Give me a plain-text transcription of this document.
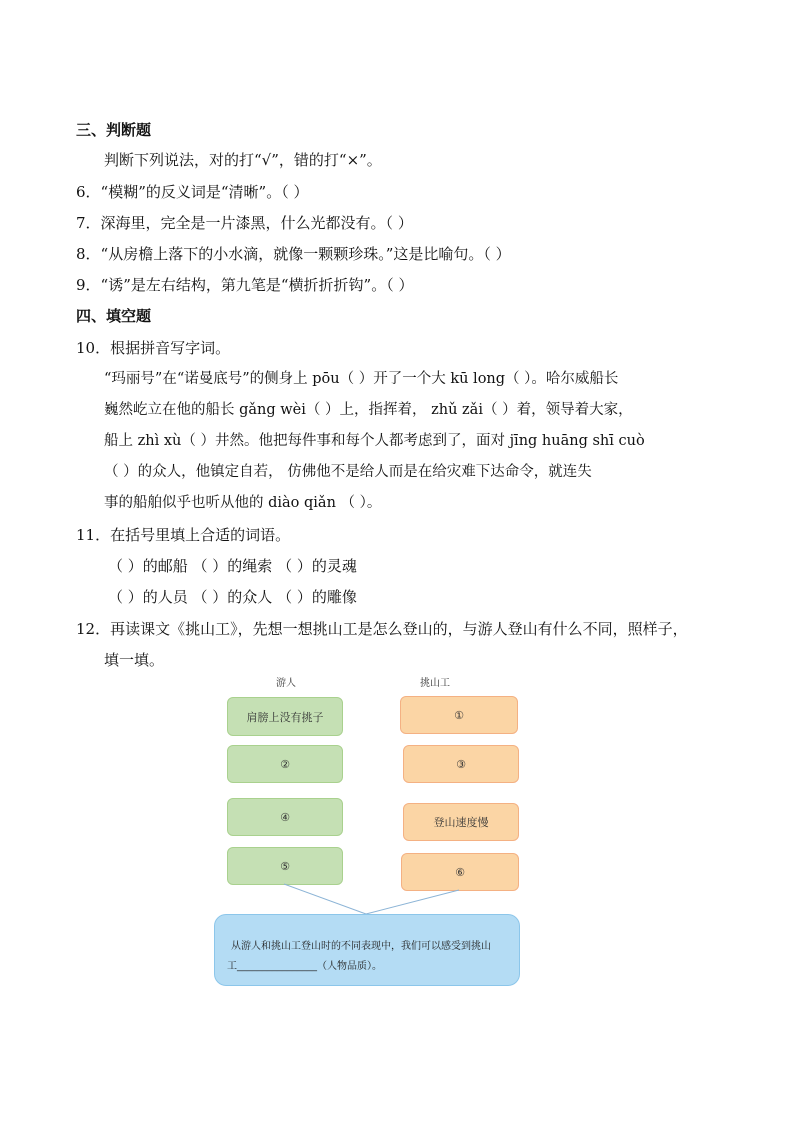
三、判断题
判断下列说法，对的打“√”，错的打“×”。
6．“模糊”的反义词是“清晰”。（ ）
7．深海里，完全是一片漆黑，什么光都没有。（ ）
8．“从房檐上落下的小水滴，就像一颗颗珍珠。”这是比喻句。（ ）
9．“诱”是左右结构，第九笔是“横折折折钩”。（ ）
四、填空题
10．根据拼音写字词。
“玛丽号”在“诺曼底号”的侧身上 pōu（ ）开了一个大 kū long（ ）。哈尔威船长
巍然屹立在他的船长 gǎng wèi（ ）上，指挥着， zhǔ zǎi（ ）着，领导着大家，
船上 zhì xù（ ）井然。他把每件事和每个人都考虑到了，面对 jīng huāng shī cuò
（ ）的众人，他镇定自若， 仿佛他不是给人而是在给灾难下达命令，就连失
事的船舶似乎也听从他的 diào qiǎn （ ）。
11．在括号里填上合适的词语。
（ ）的邮船 （ ）的绳索 （ ）的灵魂
（ ）的人员 （ ）的众人 （ ）的雕像
12．再读课文《挑山工》，先想一想挑山工是怎么登山的，与游人登山有什么不同，照样子，
填一填。
游人	挑山工
肩膀上没有挑子
②
④
⑤
①
③
登山速度慢
⑥
从游人和挑山工登山时的不同表现中，我们可以感受到挑山
工________________（人物品质）。
